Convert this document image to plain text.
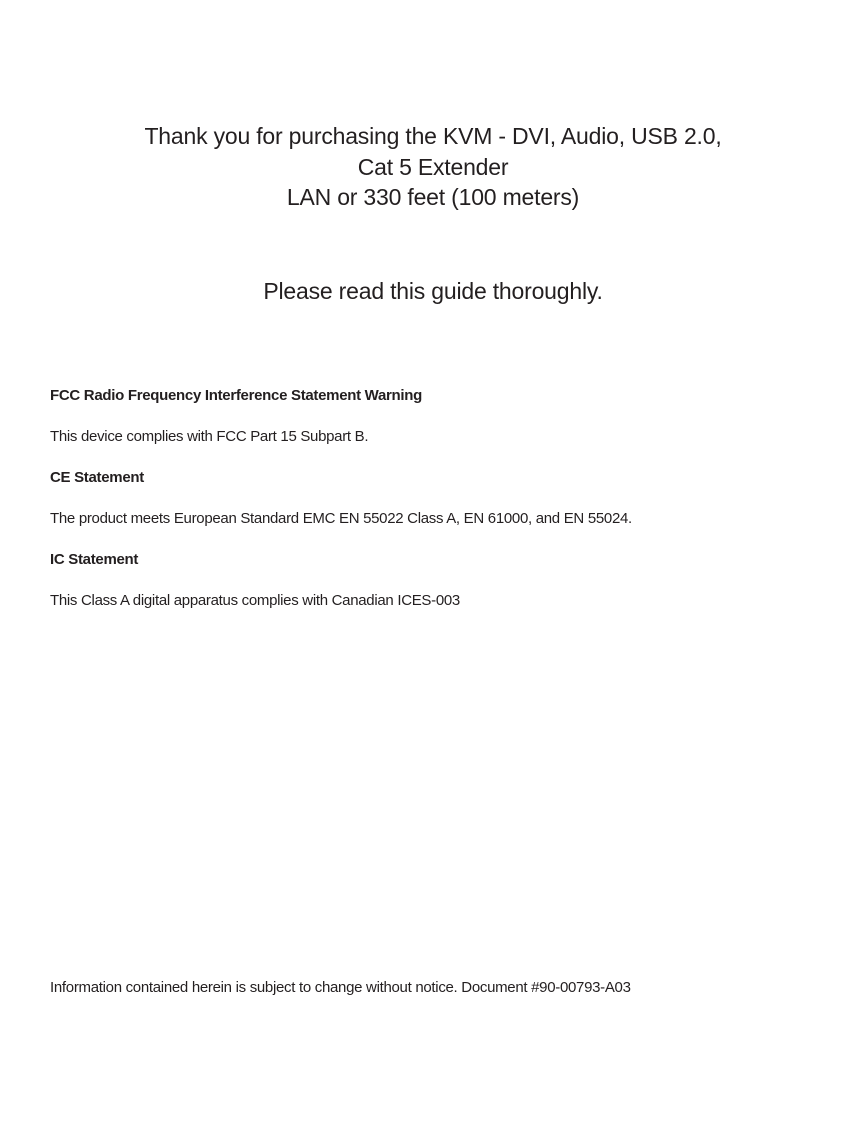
Thank you for purchasing the KVM - DVI, Audio, USB 2.0,
Cat 5 Extender
LAN or 330 feet (100 meters)
Please read this guide thoroughly.

FCC Radio Frequency Interference Statement Warning

This device complies with FCC Part 15 Subpart B.

CE Statement

The product meets European Standard EMC EN 55022 Class A, EN 61000, and EN 55024.

IC Statement

This Class A digital apparatus complies with Canadian ICES-003

Information contained herein is subject to change without notice. Document #90-00793-A03
